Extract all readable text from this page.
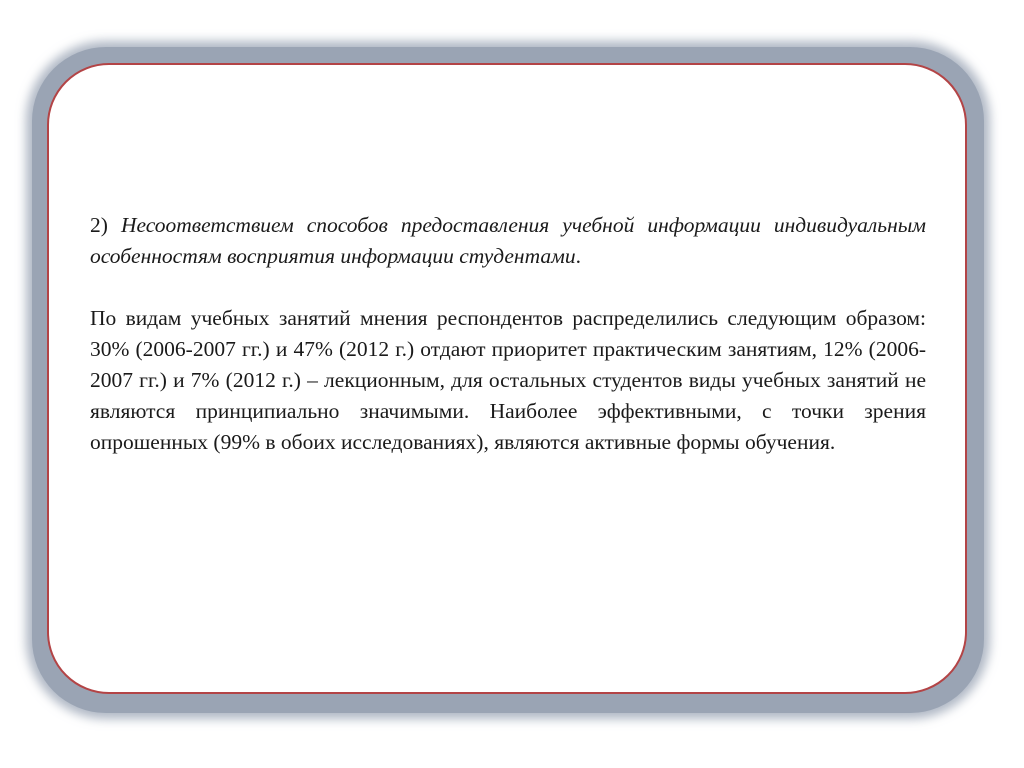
2) Несоответствием способов предоставления учебной информации индивидуальным особенностям восприятия информации студентами.

По видам учебных занятий мнения респондентов распределились следующим образом: 30% (2006-2007 гг.) и 47% (2012 г.) отдают приоритет практическим занятиям, 12% (2006-2007 гг.) и 7% (2012 г.) – лекционным, для остальных студентов виды учебных занятий не являются принципиально значимыми. Наиболее эффективными, с точки зрения опрошенных (99% в обоих исследованиях), являются активные формы обучения.
